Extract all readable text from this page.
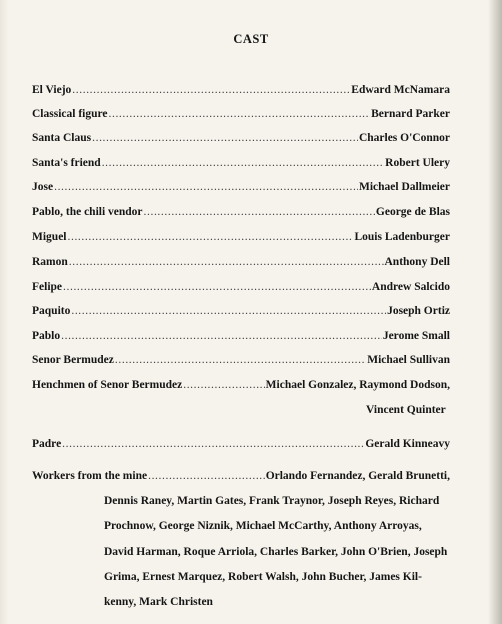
CAST
El Viejo .....	Edward McNamara
Classical figure .....	Bernard Parker
Santa Claus .....	Charles O'Connor
Santa's friend .....	Robert Ulery
Jose .....	Michael Dallmeier
Pablo, the chili vendor .....	George de Blas
Miguel .....	Louis Ladenburger
Ramon .....	Anthony Dell
Felipe .....	Andrew Salcido
Paquito .....	Joseph Ortiz
Pablo .....	Jerome Small
Senor Bermudez .....	Michael Sullivan
Henchmen of Senor Bermudez .....	Michael Gonzalez, Raymond Dodson,
Vincent Quinter
Padre .....	Gerald Kinneavy
Workers from the mine .....	Orlando Fernandez, Gerald Brunetti,
Dennis Raney, Martin Gates, Frank Traynor, Joseph Reyes, Richard
Prochnow, George Niznik, Michael McCarthy, Anthony Arroyas,
David Harman, Roque Arriola, Charles Barker, John O'Brien, Joseph
Grima, Ernest Marquez, Robert Walsh, John Bucher, James Kil-
kenny, Mark Christen
